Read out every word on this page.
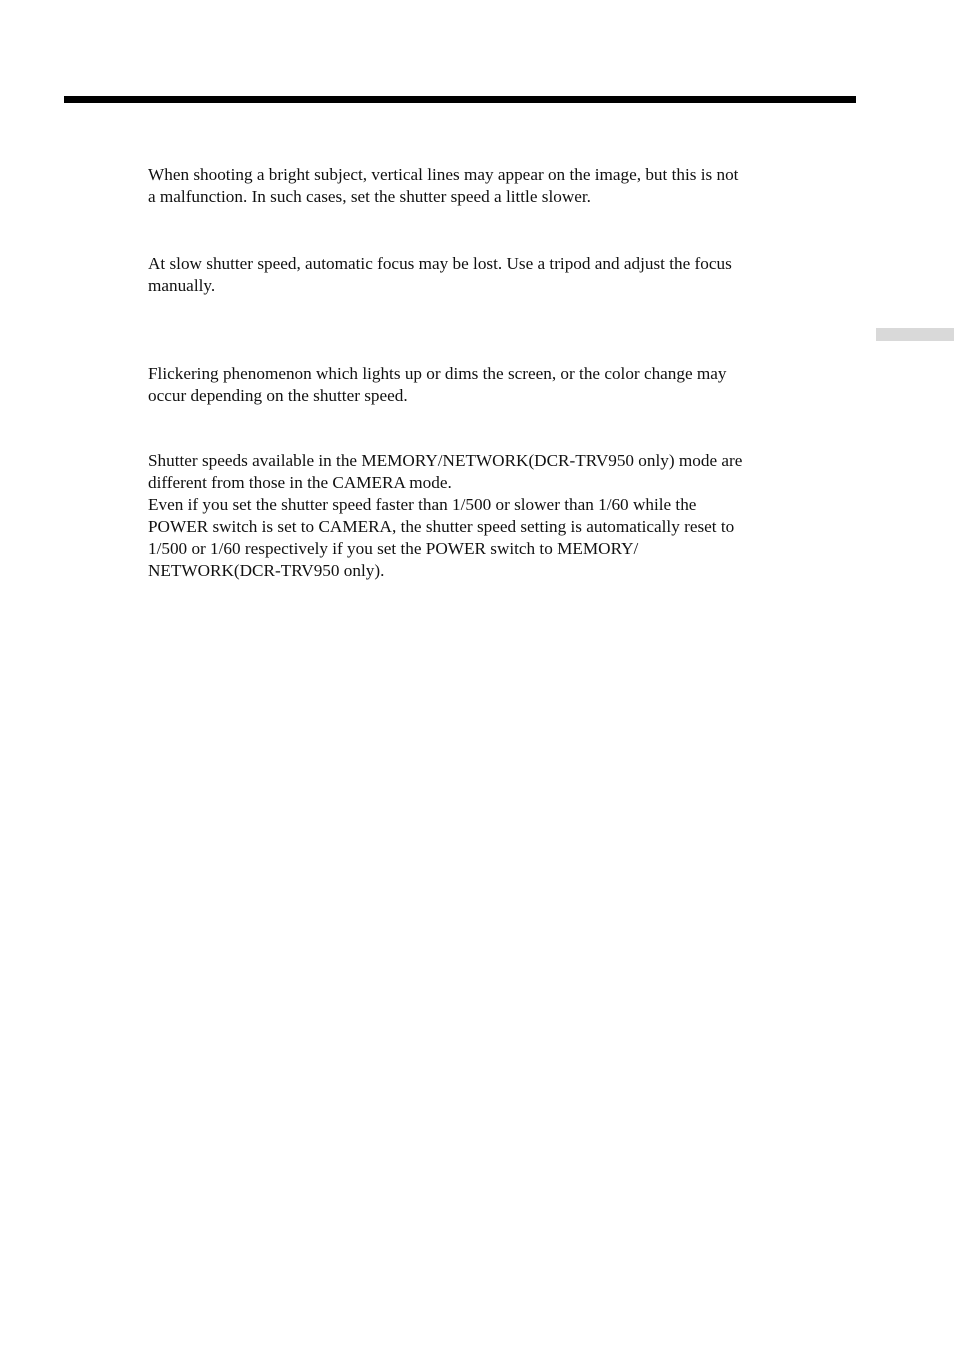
When shooting a bright subject, vertical lines may appear on the image, but this is not
a malfunction. In such cases, set the shutter speed a little slower.

At slow shutter speed, automatic focus may be lost. Use a tripod and adjust the focus
manually.

Flickering phenomenon which lights up or dims the screen, or the color change may
occur depending on the shutter speed.

Shutter speeds available in the MEMORY/NETWORK(DCR-TRV950 only) mode are
different from those in the CAMERA mode.
Even if you set the shutter speed faster than 1/500 or slower than 1/60 while the
POWER switch is set to CAMERA, the shutter speed setting is automatically reset to
1/500 or 1/60 respectively if you set the POWER switch to MEMORY/
NETWORK(DCR-TRV950 only).
